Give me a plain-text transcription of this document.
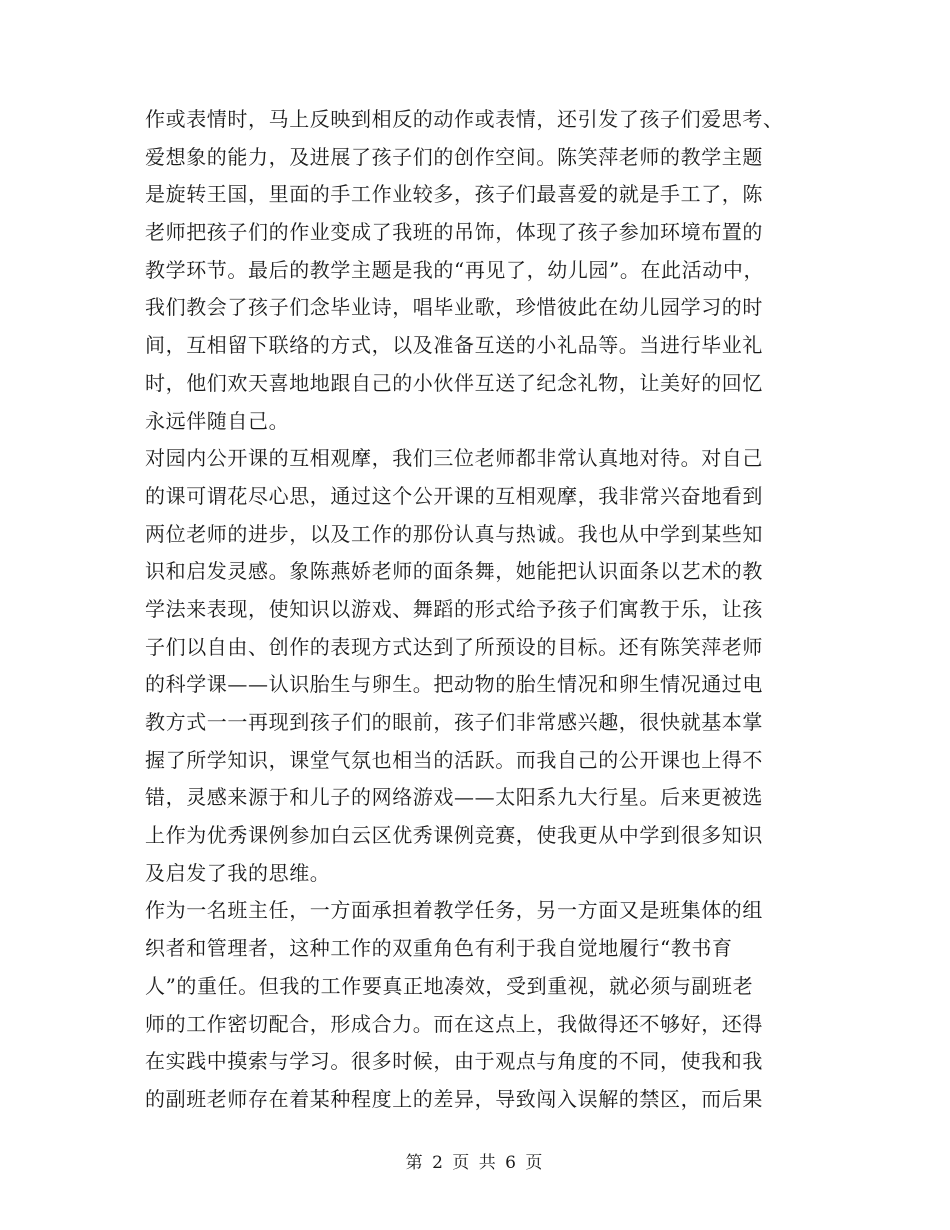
作或表情时，马上反映到相反的动作或表情，还引发了孩子们爱思考、
爱想象的能力，及进展了孩子们的创作空间。陈笑萍老师的教学主题
是旋转王国，里面的手工作业较多，孩子们最喜爱的就是手工了，陈
老师把孩子们的作业变成了我班的吊饰，体现了孩子参加环境布置的
教学环节。最后的教学主题是我的“再见了，幼儿园”。在此活动中，
我们教会了孩子们念毕业诗，唱毕业歌，珍惜彼此在幼儿园学习的时
间，互相留下联络的方式，以及准备互送的小礼品等。当进行毕业礼
时，他们欢天喜地地跟自己的小伙伴互送了纪念礼物，让美好的回忆
永远伴随自己。
对园内公开课的互相观摩，我们三位老师都非常认真地对待。对自己
的课可谓花尽心思，通过这个公开课的互相观摩，我非常兴奋地看到
两位老师的进步，以及工作的那份认真与热诚。我也从中学到某些知
识和启发灵感。象陈燕娇老师的面条舞，她能把认识面条以艺术的教
学法来表现，使知识以游戏、舞蹈的形式给予孩子们寓教于乐，让孩
子们以自由、创作的表现方式达到了所预设的目标。还有陈笑萍老师
的科学课——认识胎生与卵生。把动物的胎生情况和卵生情况通过电
教方式一一再现到孩子们的眼前，孩子们非常感兴趣，很快就基本掌
握了所学知识，课堂气氛也相当的活跃。而我自己的公开课也上得不
错，灵感来源于和儿子的网络游戏——太阳系九大行星。后来更被选
上作为优秀课例参加白云区优秀课例竞赛，使我更从中学到很多知识
及启发了我的思维。
作为一名班主任，一方面承担着教学任务，另一方面又是班集体的组
织者和管理者，这种工作的双重角色有利于我自觉地履行“教书育
人”的重任。但我的工作要真正地凑效，受到重视，就必须与副班老
师的工作密切配合，形成合力。而在这点上，我做得还不够好，还得
在实践中摸索与学习。很多时候，由于观点与角度的不同，使我和我
的副班老师存在着某种程度上的差异，导致闯入误解的禁区，而后果
第 2 页 共 6 页
